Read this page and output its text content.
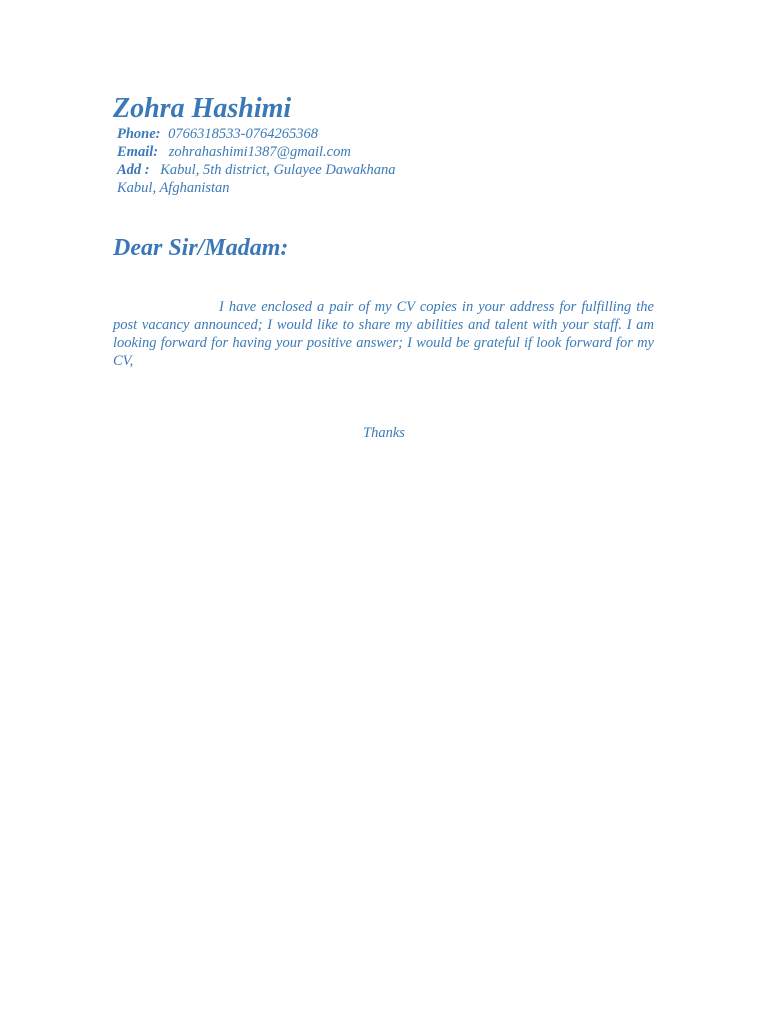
Zohra Hashimi
Phone: 0766318533-0764265368
Email: zohrahashimi1387@gmail.com
Add : Kabul, 5th district, Gulayee Dawakhana
Kabul, Afghanistan
Dear Sir/Madam:
I have enclosed a pair of my CV copies in your address for fulfilling the post vacancy announced; I would like to share my abilities and talent with your staff. I am looking forward for having your positive answer; I would be grateful if look forward for my CV,
Thanks
